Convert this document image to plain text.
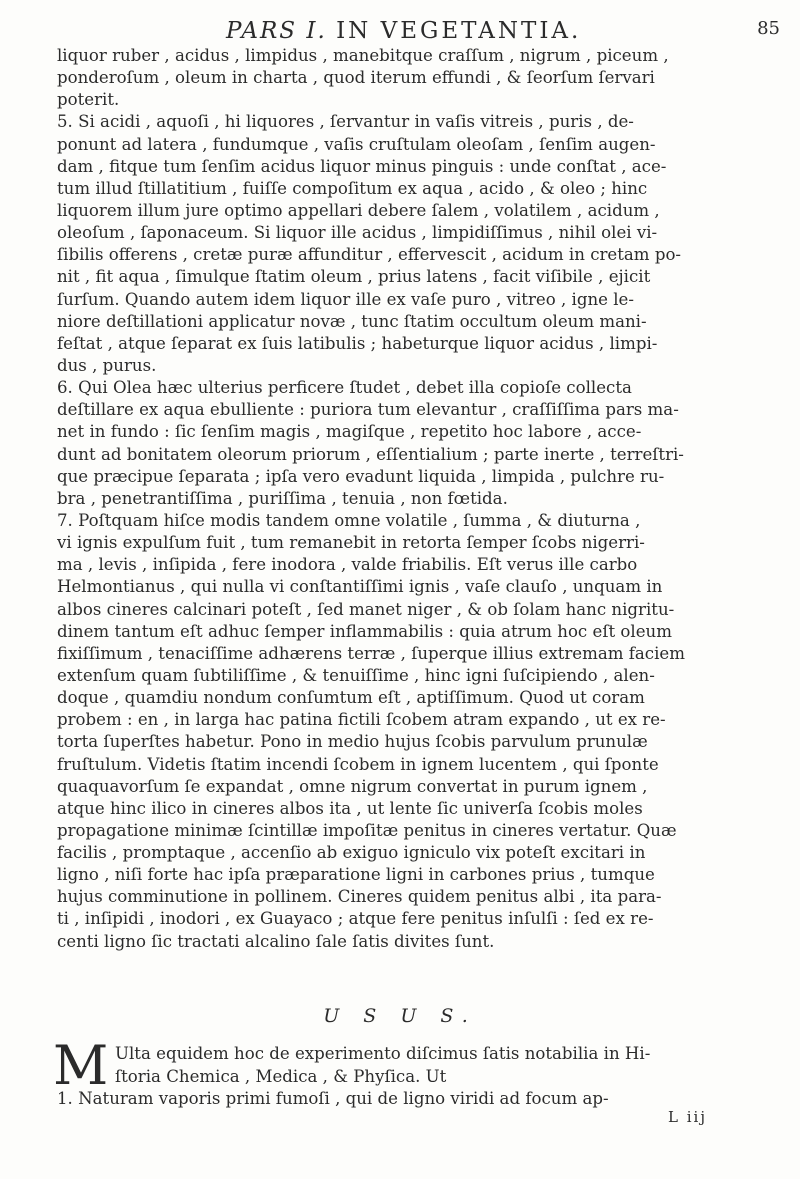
PARS I. IN VEGETANTIA.	85
liquor ruber , acidus , limpidus , manebitque craſſum , nigrum , piceum ,
ponderoſum , oleum in charta , quod iterum effundi , & ſeorſum ſervari
poterit.
5. Si acidi , aquoſi , hi liquores , ſervantur in vaſis vitreis , puris , de-
ponunt ad latera , fundumque , vaſis cruſtulam oleoſam , ſenſim augen-
dam , fitque tum ſenſim acidus liquor minus pinguis : unde conſtat , ace-
tum illud ſtillatitium , fuiſſe compoſitum ex aqua , acido , & oleo ; hinc
liquorem illum jure optimo appellari debere ſalem , volatilem , acidum ,
oleoſum , ſaponaceum. Si liquor ille acidus , limpidiſſimus , nihil olei vi-
ſibilis offerens , cretæ puræ affunditur , effervescit , acidum in cretam po-
nit , fit aqua , ſimulque ſtatim oleum , prius latens , facit viſibile , ejicit
ſurſum. Quando autem idem liquor ille ex vaſe puro , vitreo , igne le-
niore deſtillationi applicatur novæ , tunc ſtatim occultum oleum mani-
feſtat , atque ſeparat ex ſuis latibulis ; habeturque liquor acidus , limpi-
dus , purus.
6. Qui Olea hæc ulterius perficere ſtudet , debet illa copioſe collecta
deſtillare ex aqua ebulliente : puriora tum elevantur , craſſiſſima pars ma-
net in fundo : ſic ſenſim magis , magiſque , repetito hoc labore , acce-
dunt ad bonitatem oleorum priorum , eſſentialium ; parte inerte , terreſtri-
que præcipue ſeparata ; ipſa vero evadunt liquida , limpida , pulchre ru-
bra , penetrantiſſima , puriſſima , tenuia , non fœtida.
7. Poſtquam hiſce modis tandem omne volatile , ſumma , & diuturna ,
vi ignis expulſum fuit , tum remanebit in retorta ſemper ſcobs nigerri-
ma , levis , inſipida , fere inodora , valde friabilis. Eſt verus ille carbo
Helmontianus , qui nulla vi conſtantiſſimi ignis , vaſe clauſo , unquam in
albos cineres calcinari poteſt , ſed manet niger , & ob ſolam hanc nigritu-
dinem tantum eſt adhuc ſemper inflammabilis : quia atrum hoc eſt oleum
fixiſſimum , tenaciſſime adhærens terræ , ſuperque illius extremam faciem
extenſum quam ſubtiliſſime , & tenuiſſime , hinc igni ſuſcipiendo , alen-
doque , quamdiu nondum conſumtum eſt , aptiſſimum. Quod ut coram
probem : en , in larga hac patina fictili ſcobem atram expando , ut ex re-
torta ſuperſtes habetur. Pono in medio hujus ſcobis parvulum prunulæ
fruſtulum. Videtis ſtatim incendi ſcobem in ignem lucentem , qui ſponte
quaquavorſum ſe expandat , omne nigrum convertat in purum ignem ,
atque hinc ilico in cineres albos ita , ut lente ſic univerſa ſcobis moles
propagatione minimæ ſcintillæ impoſitæ penitus in cineres vertatur. Quæ
facilis , promptaque , accenſio ab exiguo igniculo vix poteſt excitari in
ligno , niſi forte hac ipſa præparatione ligni in carbones prius , tumque
hujus comminutione in pollinem. Cineres quidem penitus albi , ita para-
ti , inſipidi , inodori , ex Guayaco ; atque fere penitus inſulſi : ſed ex re-
centi ligno ſic tractati alcalino ſale ſatis divites ſunt.
U S U S.
M Ulta equidem hoc de experimento diſcimus ſatis notabilia in Hi-
ſtoria Chemica , Medica , & Phyſica. Ut
1. Naturam vaporis primi fumoſi , qui de ligno viridi ad focum ap-
L iij
